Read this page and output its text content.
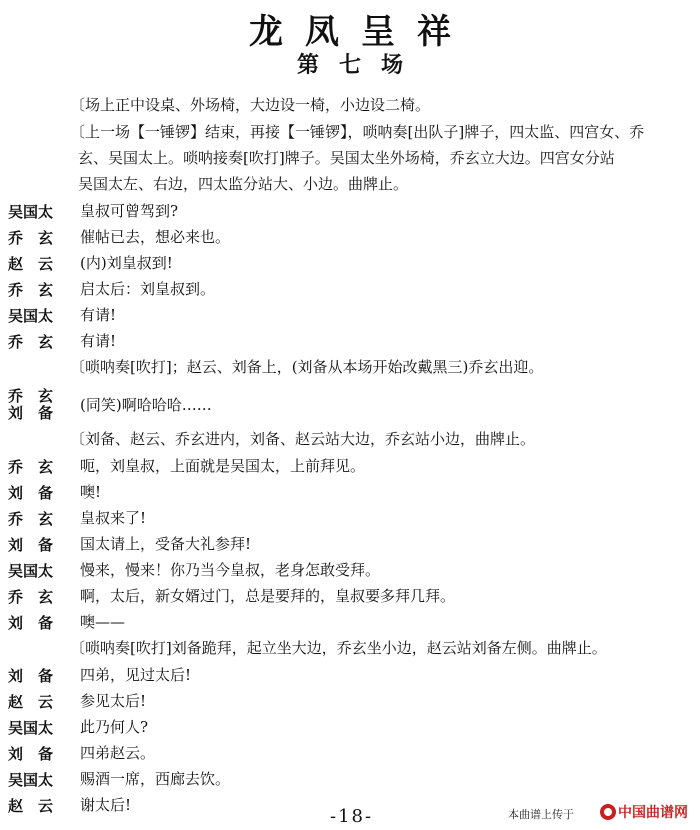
龙凤呈祥
第七场
〔场上正中设桌、外场椅，大边设一椅，小边设二椅。
〔上一场【一锤锣】结束，再接【一锤锣】，唢呐奏[出队子]牌子，四太监、四宫女、乔
玄、吴国太上。唢呐接奏[吹打]牌子。吴国太坐外场椅，乔玄立大边。四宫女分站
吴国太左、右边，四太监分站大、小边。曲牌止。
吴国太	皇叔可曾驾到?
乔　玄	催帖已去，想必来也。
赵　云	(内)刘皇叔到!
乔　玄	启太后：刘皇叔到。
吴国太	有请!
乔　玄	有请!
〔唢呐奏[吹打]；赵云、刘备上，(刘备从本场开始改戴黑三)乔玄出迎。
乔　玄
刘　备	(同笑)啊哈哈哈……
〔刘备、赵云、乔玄进内，刘备、赵云站大边，乔玄站小边，曲牌止。
乔　玄	呃，刘皇叔，上面就是吴国太，上前拜见。
刘　备	噢!
乔　玄	皇叔来了!
刘　备	国太请上，受备大礼参拜!
吴国太	慢来，慢来！你乃当今皇叔，老身怎敢受拜。
乔　玄	啊，太后，新女婿过门，总是要拜的，皇叔要多拜几拜。
刘　备	噢——
〔唢呐奏[吹打]刘备跪拜，起立坐大边，乔玄坐小边，赵云站刘备左侧。曲牌止。
刘　备	四弟，见过太后!
赵　云	参见太后!
吴国太	此乃何人?
刘　备	四弟赵云。
吴国太	赐酒一席，西廊去饮。
赵　云	谢太后!
-18-	本曲谱上传于	中国曲谱网
